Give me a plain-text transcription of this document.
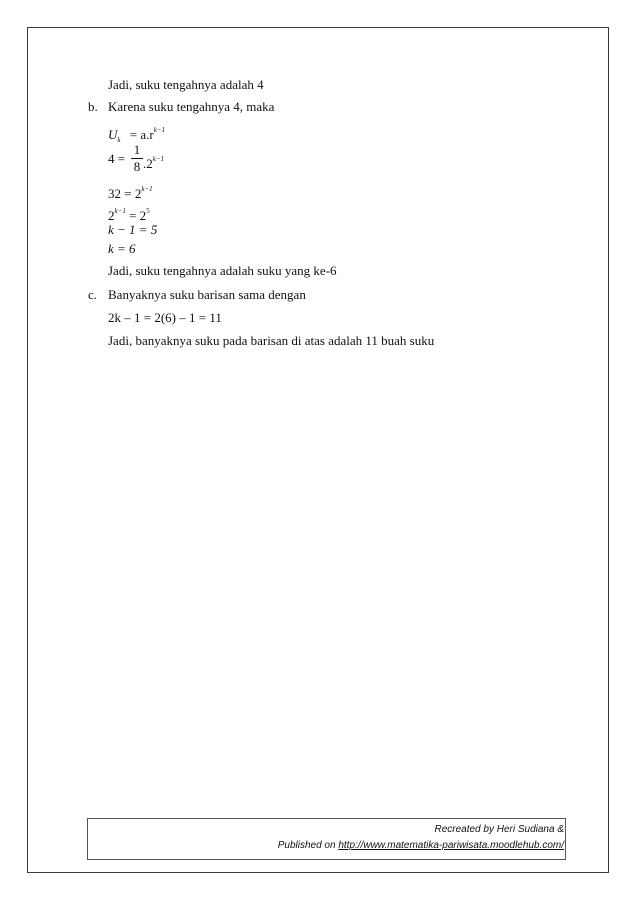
Jadi, suku tengahnya adalah 4
b. Karena suku tengahnya 4, maka
$U_k = a.r^{k-1}$
4 =
1
8 $.2^{k-1}$
$32 = 2^{k-1}$
$2^{k-1} = 2^5$
k − 1 = 5
k = 6
Jadi, suku tengahnya adalah suku yang ke-6
c. Banyaknya suku barisan sama dengan
2k – 1 = 2(6) – 1 = 11
Jadi, banyaknya suku pada barisan di atas adalah 11 buah suku
Recreated by Heri Sudiana &
Published on http://www.matematika-pariwisata.moodlehub.com/
